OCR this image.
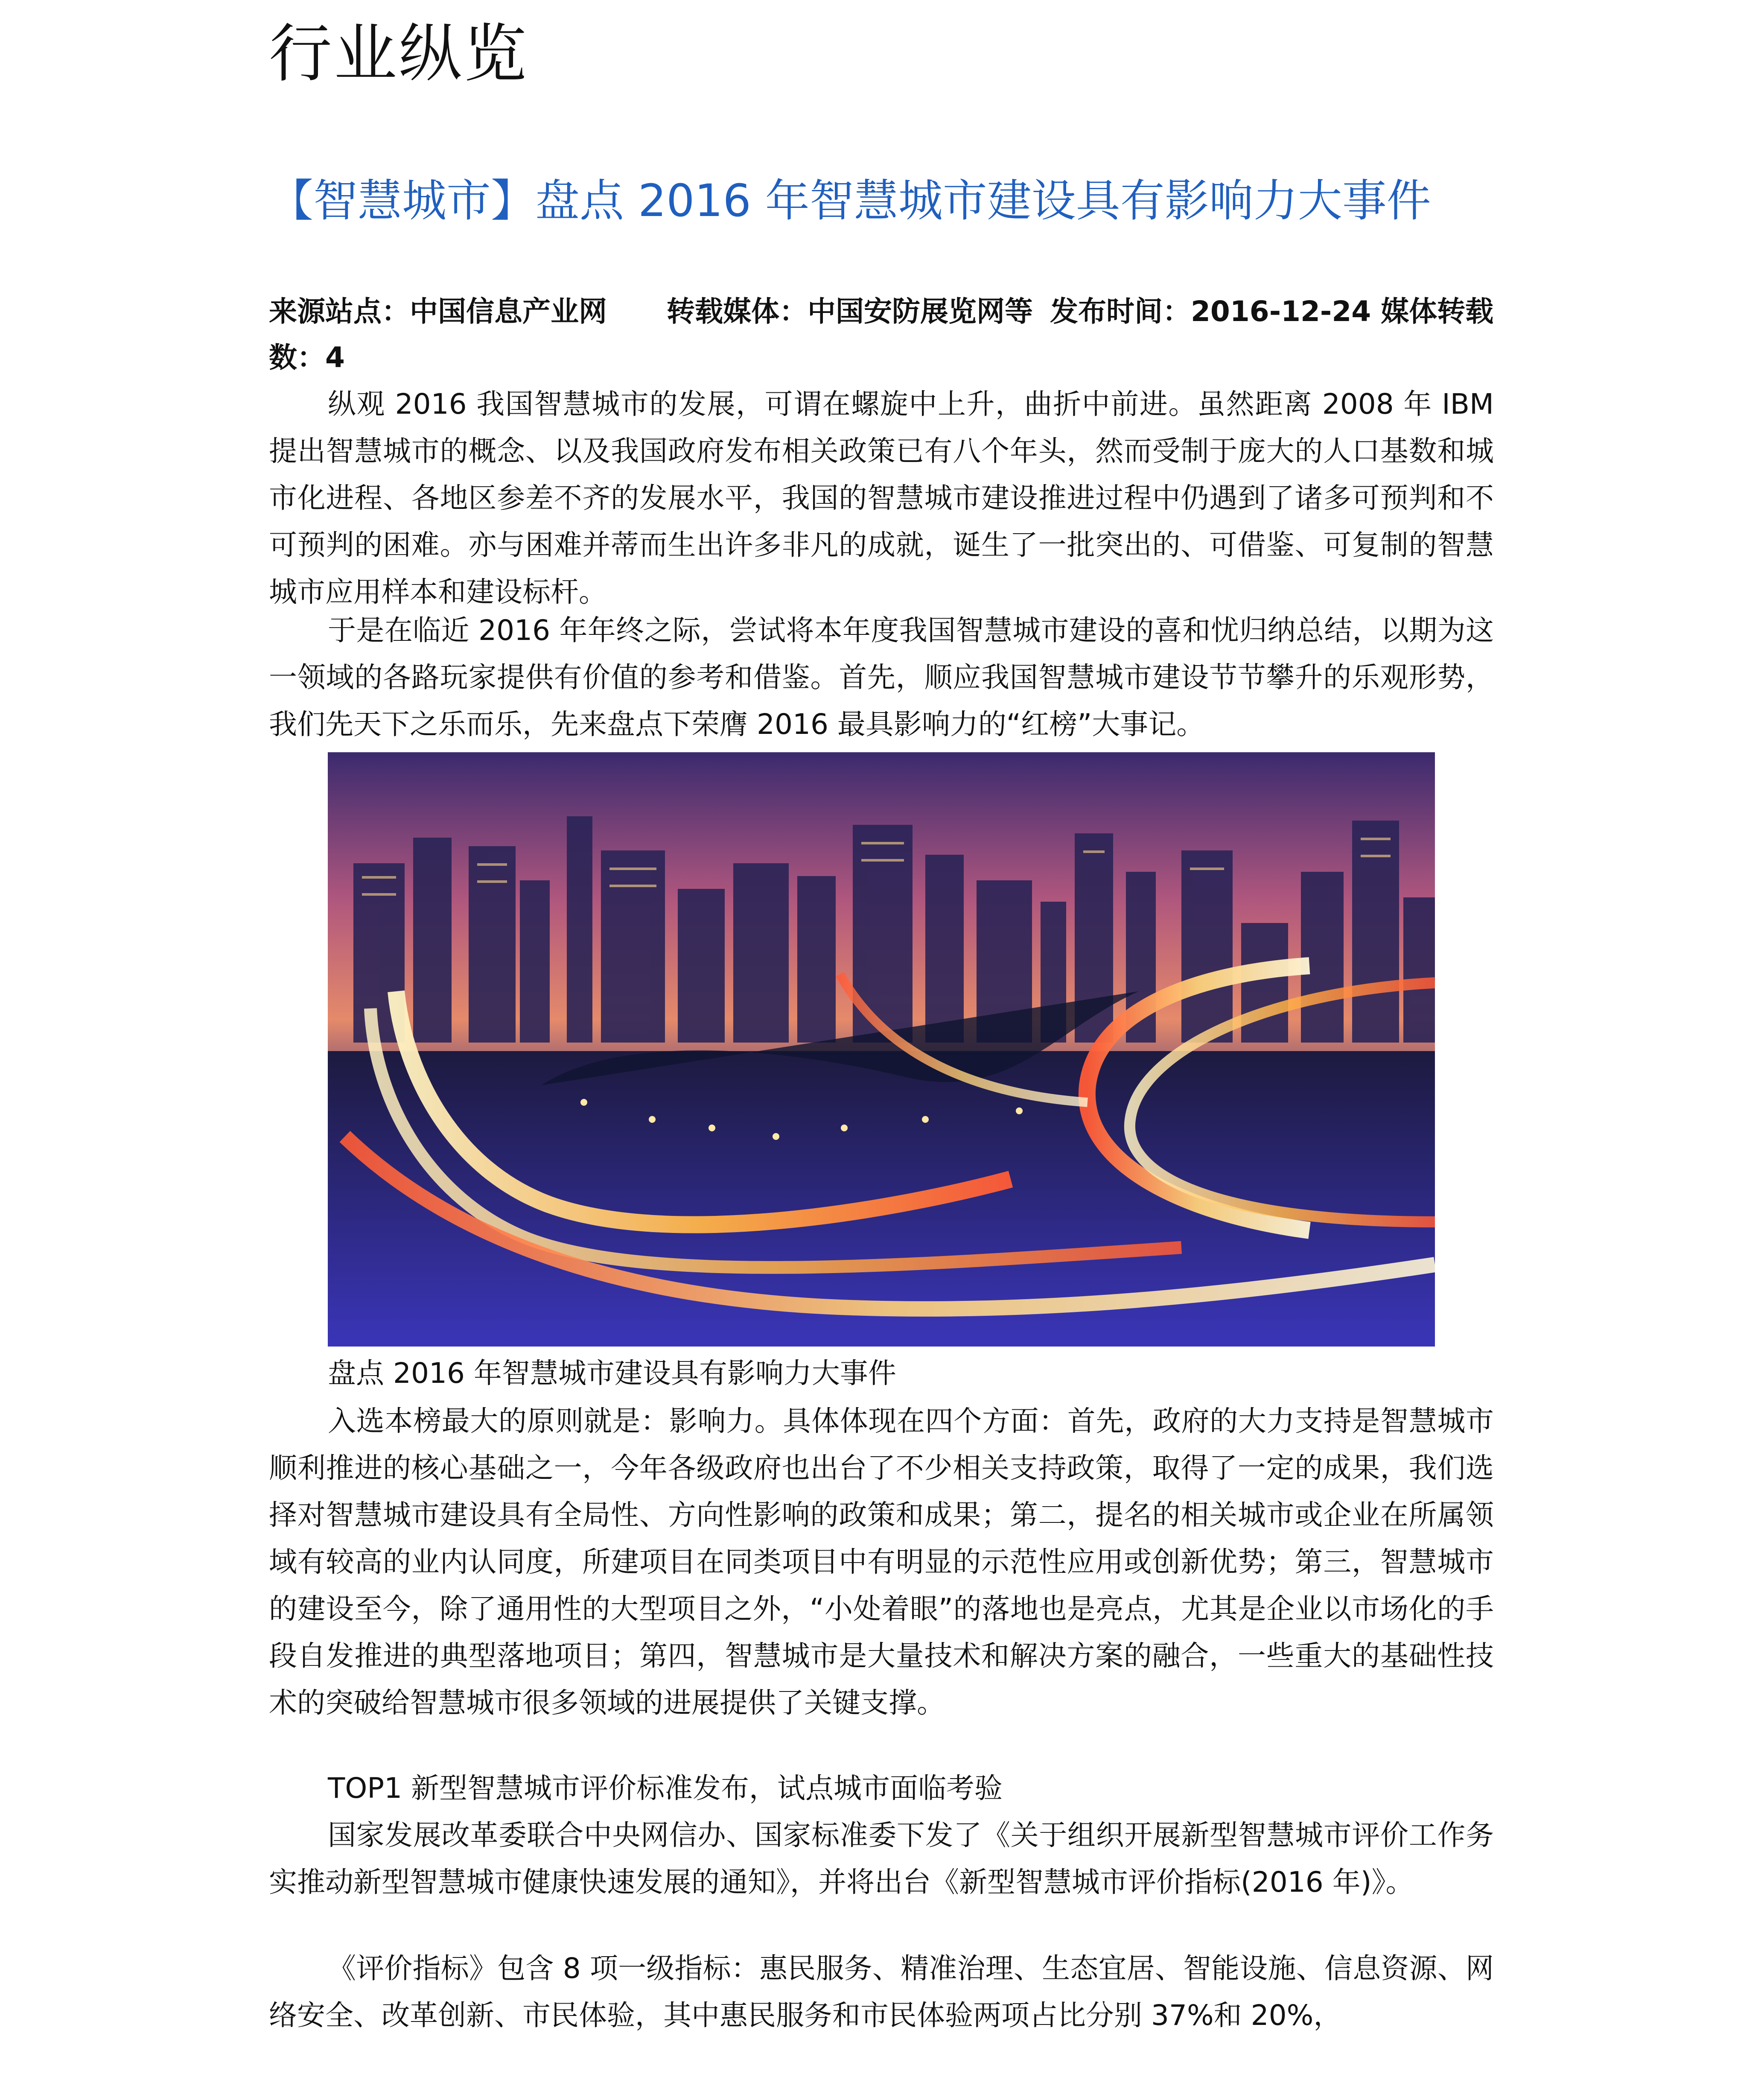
行业纵览
【智慧城市】盘点 2016 年智慧城市建设具有影响力大事件

来源站点：中国信息产业网 转载媒体：中国安防展览网等 发布时间：2016-12-24 媒体转载数：4

纵观 2016 我国智慧城市的发展，可谓在螺旋中上升，曲折中前进。虽然距离 2008 年 IBM 提出智慧城市的概念、以及我国政府发布相关政策已有八个年头，然而受制于庞大的人口基数和城市化进程、各地区参差不齐的发展水平，我国的智慧城市建设推进过程中仍遇到了诸多可预判和不可预判的困难。亦与困难并蒂而生出许多非凡的成就，诞生了一批突出的、可借鉴、可复制的智慧城市应用样本和建设标杆。

于是在临近 2016 年年终之际，尝试将本年度我国智慧城市建设的喜和忧归纳总结，以期为这一领域的各路玩家提供有价值的参考和借鉴。首先，顺应我国智慧城市建设节节攀升的乐观形势，我们先天下之乐而乐，先来盘点下荣膺 2016 最具影响力的“红榜”大事记。

盘点 2016 年智慧城市建设具有影响力大事件

入选本榜最大的原则就是：影响力。具体体现在四个方面：首先，政府的大力支持是智慧城市顺利推进的核心基础之一，今年各级政府也出台了不少相关支持政策，取得了一定的成果，我们选择对智慧城市建设具有全局性、方向性影响的政策和成果；第二，提名的相关城市或企业在所属领域有较高的业内认同度，所建项目在同类项目中有明显的示范性应用或创新优势；第三，智慧城市的建设至今，除了通用性的大型项目之外，“小处着眼”的落地也是亮点，尤其是企业以市场化的手段自发推进的典型落地项目；第四，智慧城市是大量技术和解决方案的融合，一些重大的基础性技术的突破给智慧城市很多领域的进展提供了关键支撑。

TOP1 新型智慧城市评价标准发布，试点城市面临考验

国家发展改革委联合中央网信办、国家标准委下发了《关于组织开展新型智慧城市评价工作务实推动新型智慧城市健康快速发展的通知》，并将出台《新型智慧城市评价指标(2016 年)》。

《评价指标》包含 8 项一级指标：惠民服务、精准治理、生态宜居、智能设施、信息资源、网络安全、改革创新、市民体验，其中惠民服务和市民体验两项占比分别 37%和 20%，
